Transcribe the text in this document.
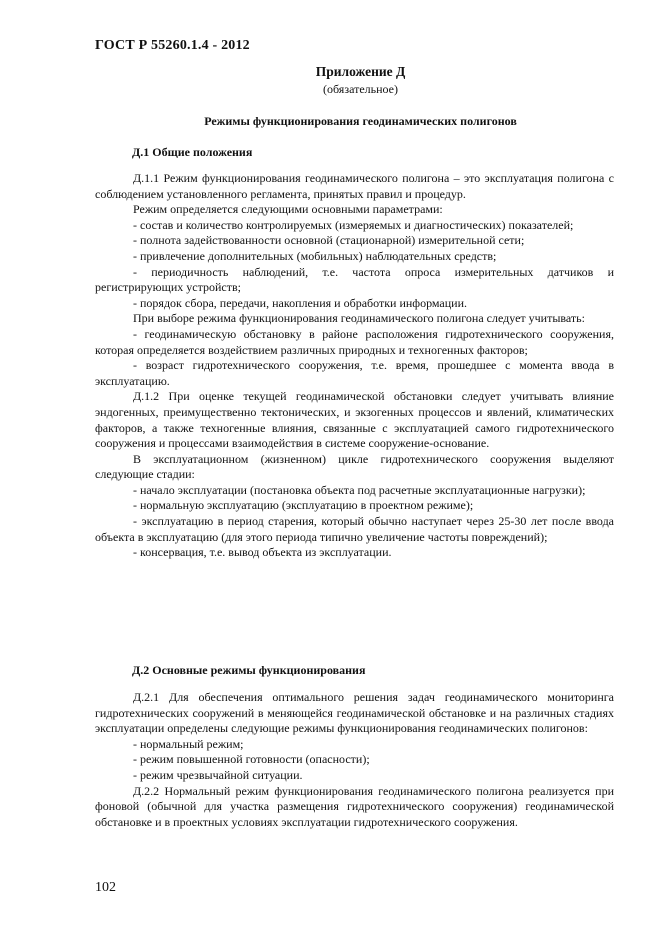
ГОСТ Р 55260.1.4 - 2012
Приложение Д
(обязательное)
Режимы функционирования геодинамических полигонов
Д.1 Общие положения

Д.1.1 Режим функционирования геодинамического полигона – это эксплуатация полигона с соблюдением установленного регламента, принятых правил и процедур.

Режим определяется следующими основными параметрами:

- состав и количество контролируемых (измеряемых и диагностических) показателей;

- полнота задействованности основной (стационарной) измерительной сети;

- привлечение дополнительных (мобильных) наблюдательных средств;

- периодичность наблюдений, т.е. частота опроса измерительных датчиков и регистрирующих устройств;

- порядок сбора, передачи, накопления и обработки информации.

При выборе режима функционирования геодинамического полигона следует учитывать:

- геодинамическую обстановку в районе расположения гидротехнического сооружения, которая определяется воздействием различных природных и техногенных факторов;

- возраст гидротехнического сооружения, т.е. время, прошедшее с момента ввода в эксплуатацию.

Д.1.2 При оценке текущей геодинамической обстановки следует учитывать влияние эндогенных, преимущественно тектонических, и экзогенных процессов и явлений, климатических факторов, а также техногенные влияния, связанные с эксплуатацией самого гидротехнического сооружения и процессами взаимодействия в системе сооружение-основание.

В эксплуатационном (жизненном) цикле гидротехнического сооружения выделяют следующие стадии:

- начало эксплуатации (постановка объекта под расчетные эксплуатационные нагрузки);

- нормальную эксплуатацию (эксплуатацию в проектном режиме);

- эксплуатацию в период старения, который обычно наступает через 25-30 лет после ввода объекта в эксплуатацию (для этого периода типично увеличение частоты повреждений);

- консервация, т.е. вывод объекта из эксплуатации.

Д.2 Основные режимы функционирования

Д.2.1 Для обеспечения оптимального решения задач геодинамического мониторинга гидротехнических сооружений в меняющейся геодинамической обстановке и на различных стадиях эксплуатации определены следующие режимы функционирования геодинамических полигонов:

- нормальный режим;

- режим повышенной готовности (опасности);

- режим чрезвычайной ситуации.

Д.2.2 Нормальный режим функционирования геодинамического полигона реализуется при фоновой (обычной для участка размещения гидротехнического сооружения) геодинамической обстановке и в проектных условиях эксплуатации гидротехнического сооружения.

102
